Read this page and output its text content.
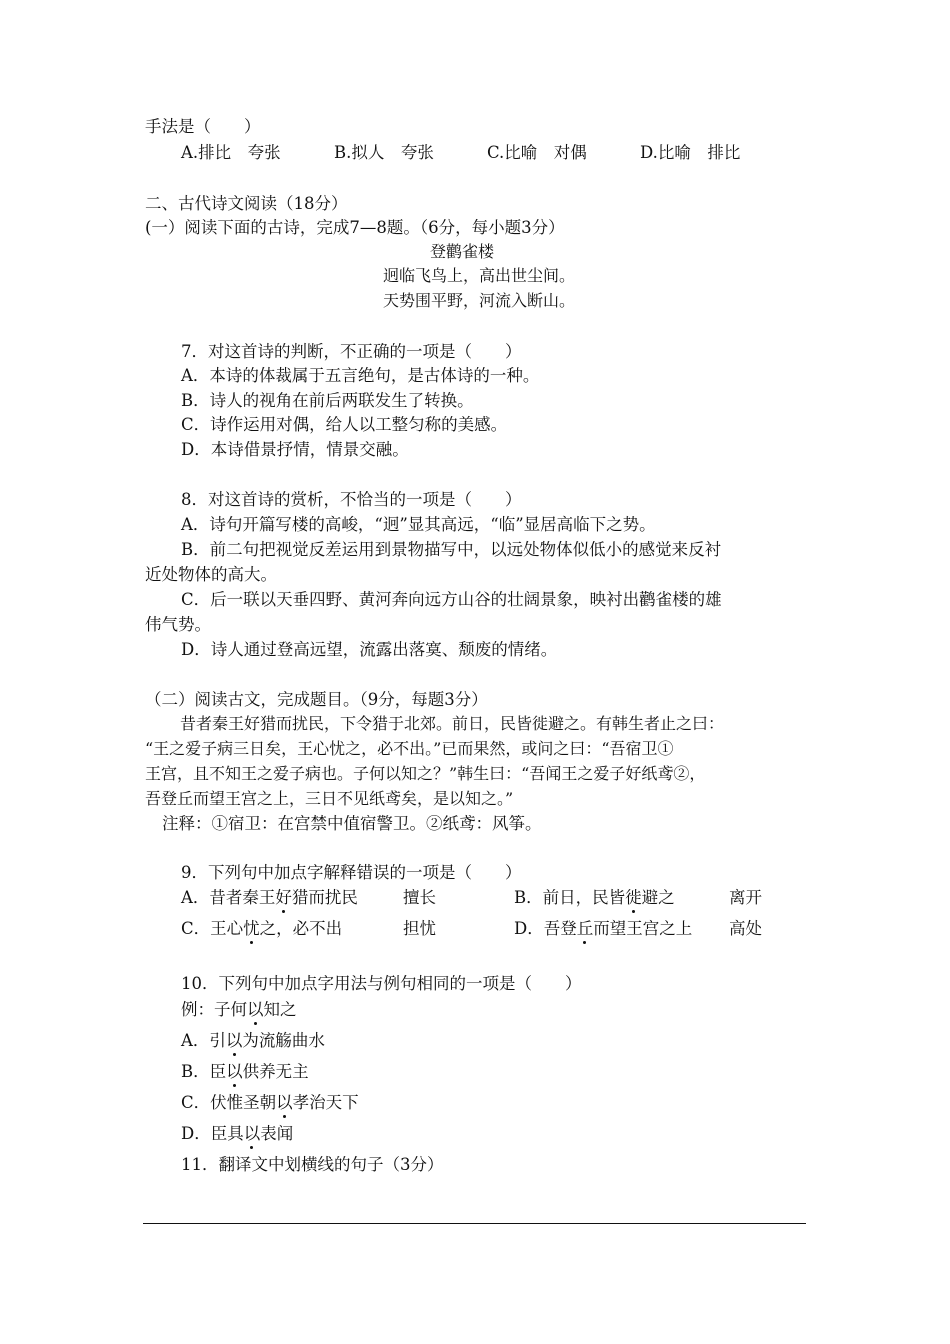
手法是（　　）
A.排比　夸张	B.拟人　夸张	C.比喻　对偶	D.比喻　排比
二、古代诗文阅读（18分）
(一）阅读下面的古诗，完成7—8题。（6分，每小题3分）
登鹳雀楼
迥临飞鸟上，高出世尘间。
天势围平野，河流入断山。
7．对这首诗的判断，不正确的一项是（　　）
A．本诗的体裁属于五言绝句，是古体诗的一种。
B．诗人的视角在前后两联发生了转换。
C．诗作运用对偶，给人以工整匀称的美感。
D．本诗借景抒情，情景交融。
8．对这首诗的赏析，不恰当的一项是（　　）
A．诗句开篇写楼的高峻，“迥”显其高远，“临”显居高临下之势。
B．前二句把视觉反差运用到景物描写中，以远处物体似低小的感觉来反衬
近处物体的高大。
C．后一联以天垂四野、黄河奔向远方山谷的壮阔景象，映衬出鹳雀楼的雄
伟气势。
D．诗人通过登高远望，流露出落寞、颓废的情绪。
（二）阅读古文，完成题目。（9分，每题3分）
昔者秦王好猎而扰民，下令猎于北郊。前日，民皆徙避之。有韩生者止之曰：
“王之爱子病三日矣，王心忧之，必不出。”已而果然，或问之曰：“吾宿卫①
王宫，且不知王之爱子病也。子何以知之？”韩生曰：“吾闻王之爱子好纸鸢②，
吾登丘而望王宫之上，三日不见纸鸢矣，是以知之。”
注释：①宿卫：在宫禁中值宿警卫。②纸鸢：风筝。
9．下列句中加点字解释错误的一项是（　　）
A．昔者秦王好猎而扰民	擅长	B．前日，民皆徙避之	离开
C．王心忧之，必不出	担忧	D．吾登丘而望王宫之上 高处
10．下列句中加点字用法与例句相同的一项是（　　）
例：子何以知之
A．引以为流觞曲水
B．臣以供养无主
C．伏惟圣朝以孝治天下
D．臣具以表闻
11．翻译文中划横线的句子（3分）
